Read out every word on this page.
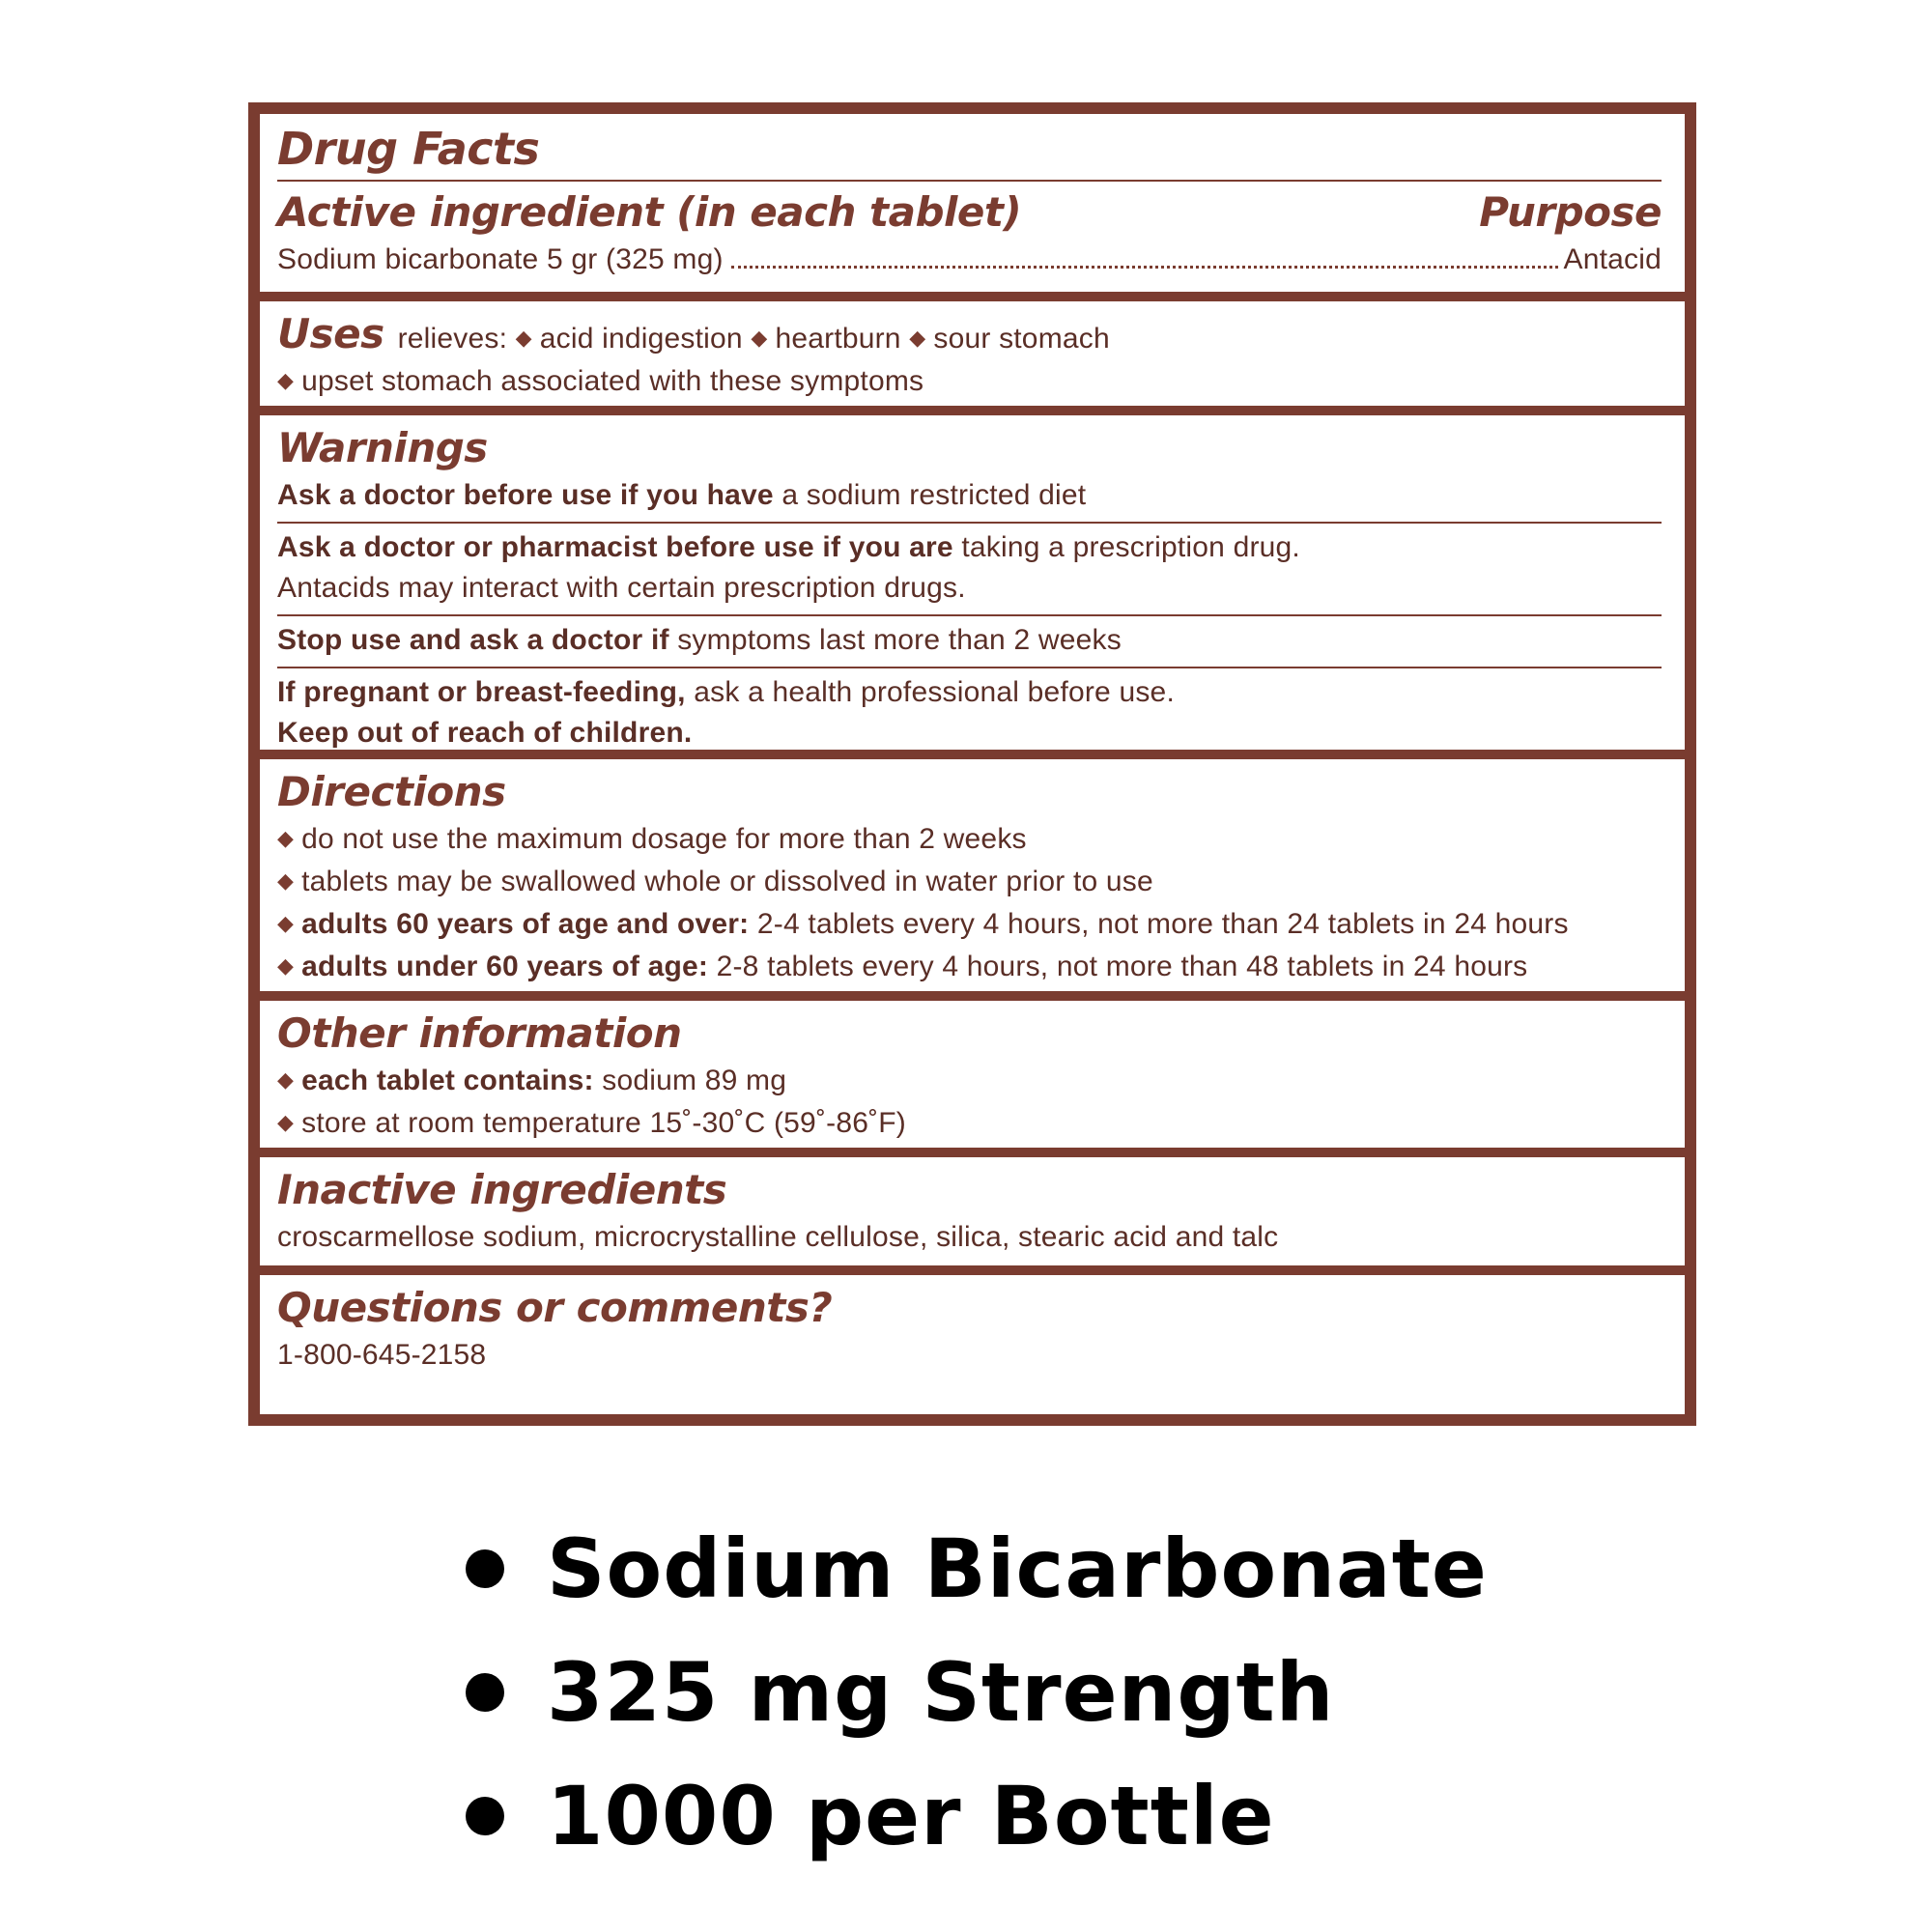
Drug Facts
Active ingredient (in each tablet)	Purpose
Sodium bicarbonate 5 gr (325 mg)	Antacid
Uses relieves: ◆ acid indigestion ◆ heartburn ◆ sour stomach
◆ upset stomach associated with these symptoms
Warnings
Ask a doctor before use if you have a sodium restricted diet
Ask a doctor or pharmacist before use if you are taking a prescription drug.
Antacids may interact with certain prescription drugs.
Stop use and ask a doctor if symptoms last more than 2 weeks
If pregnant or breast-feeding, ask a health professional before use.
Keep out of reach of children.
Directions
◆ do not use the maximum dosage for more than 2 weeks
◆ tablets may be swallowed whole or dissolved in water prior to use
◆ adults 60 years of age and over: 2-4 tablets every 4 hours, not more than 24 tablets in 24 hours
◆ adults under 60 years of age: 2-8 tablets every 4 hours, not more than 48 tablets in 24 hours
Other information
◆ each tablet contains: sodium 89 mg
◆ store at room temperature 15˚-30˚C (59˚-86˚F)
Inactive ingredients
croscarmellose sodium, microcrystalline cellulose, silica, stearic acid and talc
Questions or comments?
1-800-645-2158
Sodium Bicarbonate
325 mg Strength
1000 per Bottle
